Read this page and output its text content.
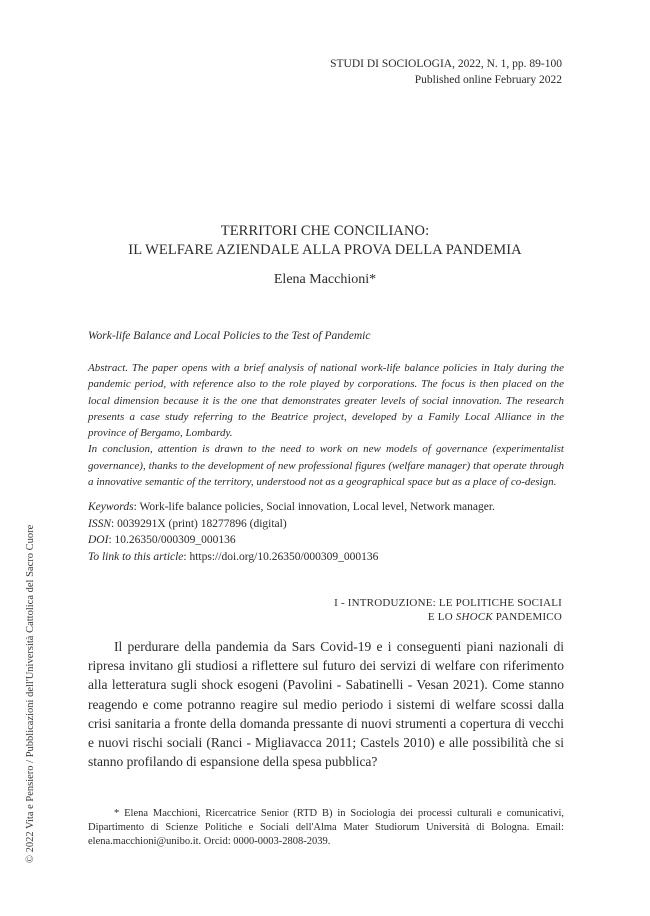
STUDI DI SOCIOLOGIA, 2022, N. 1, pp. 89-100
Published online February 2022
TERRITORI CHE CONCILIANO:
IL WELFARE AZIENDALE ALLA PROVA DELLA PANDEMIA
Elena Macchioni*
Work-life Balance and Local Policies to the Test of Pandemic

Abstract. The paper opens with a brief analysis of national work-life balance policies in Italy during the pandemic period, with reference also to the role played by corporations. The focus is then placed on the local dimension because it is the one that demonstrates greater levels of social innovation. The research presents a case study referring to the Beatrice project, developed by a Family Local Alliance in the province of Bergamo, Lombardy.

In conclusion, attention is drawn to the need to work on new models of governance (experimentalist governance), thanks to the development of new professional figures (welfare manager) that operate through a innovative semantic of the territory, understood not as a geographical space but as a place of co-design.

Keywords: Work-life balance policies, Social innovation, Local level, Network manager.
ISSN: 0039291X (print) 18277896 (digital)
DOI: 10.26350/000309_000136
To link to this article: https://doi.org/10.26350/000309_000136
I - INTRODUZIONE: LE POLITICHE SOCIALI
E LO SHOCK PANDEMICO

Il perdurare della pandemia da Sars Covid-19 e i conseguenti piani nazionali di ripresa invitano gli studiosi a riflettere sul futuro dei servizi di welfare con riferimento alla letteratura sugli shock esogeni (Pavolini - Sabatinelli - Vesan 2021). Come stanno reagendo e come potranno reagire sul medio periodo i sistemi di welfare scossi dalla crisi sanitaria a fronte della domanda pressante di nuovi strumenti a copertura di vecchi e nuovi rischi sociali (Ranci - Migliavacca 2011; Castels 2010) e alle possibilità che si stanno profilando di espansione della spesa pubblica?

* Elena Macchioni, Ricercatrice Senior (RTD B) in Sociologia dei processi culturali e comunicativi, Dipartimento di Scienze Politiche e Sociali dell'Alma Mater Studiorum Università di Bologna. Email: elena.macchioni@unibo.it. Orcid: 0000-0003-2808-2039.

© 2022 Vita e Pensiero / Pubblicazioni dell'Università Cattolica del Sacro Cuore
